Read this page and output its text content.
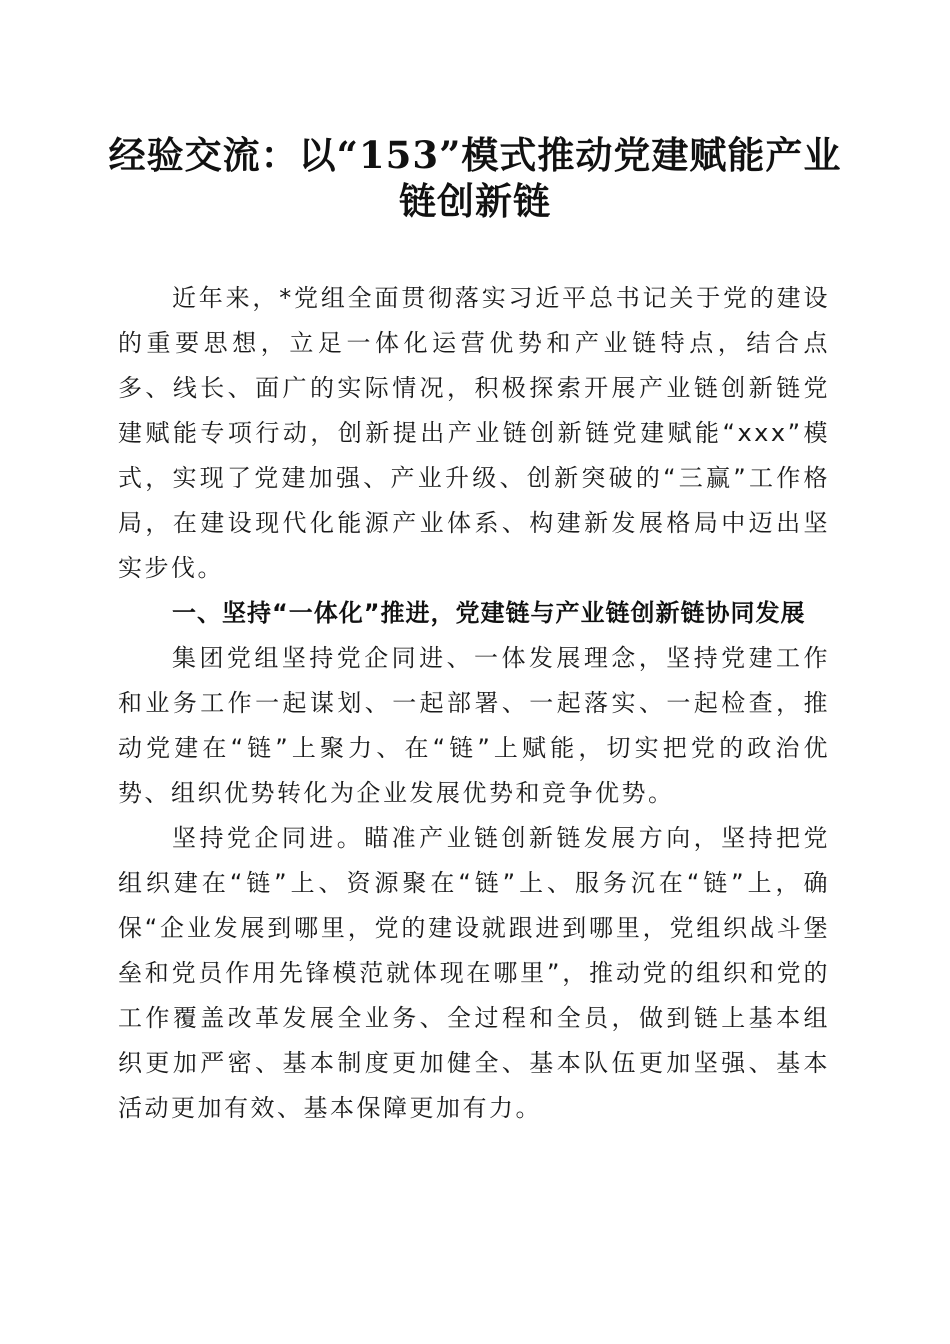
经验交流：以“153”模式推动党建赋能产业
链创新链

近年来，*党组全面贯彻落实习近平总书记关于党的建设的重要思想，立足一体化运营优势和产业链特点，结合点多、线长、面广的实际情况，积极探索开展产业链创新链党建赋能专项行动，创新提出产业链创新链党建赋能“xxx”模式，实现了党建加强、产业升级、创新突破的“三赢”工作格局，在建设现代化能源产业体系、构建新发展格局中迈出坚实步伐。

一、坚持“一体化”推进，党建链与产业链创新链协同发展

集团党组坚持党企同进、一体发展理念，坚持党建工作和业务工作一起谋划、一起部署、一起落实、一起检查，推动党建在“链”上聚力、在“链”上赋能，切实把党的政治优势、组织优势转化为企业发展优势和竞争优势。

坚持党企同进。瞄准产业链创新链发展方向，坚持把党组织建在“链”上、资源聚在“链”上、服务沉在“链”上，确保“企业发展到哪里，党的建设就跟进到哪里，党组织战斗堡垒和党员作用先锋模范就体现在哪里”，推动党的组织和党的工作覆盖改革发展全业务、全过程和全员，做到链上基本组织更加严密、基本制度更加健全、基本队伍更加坚强、基本活动更加有效、基本保障更加有力。
